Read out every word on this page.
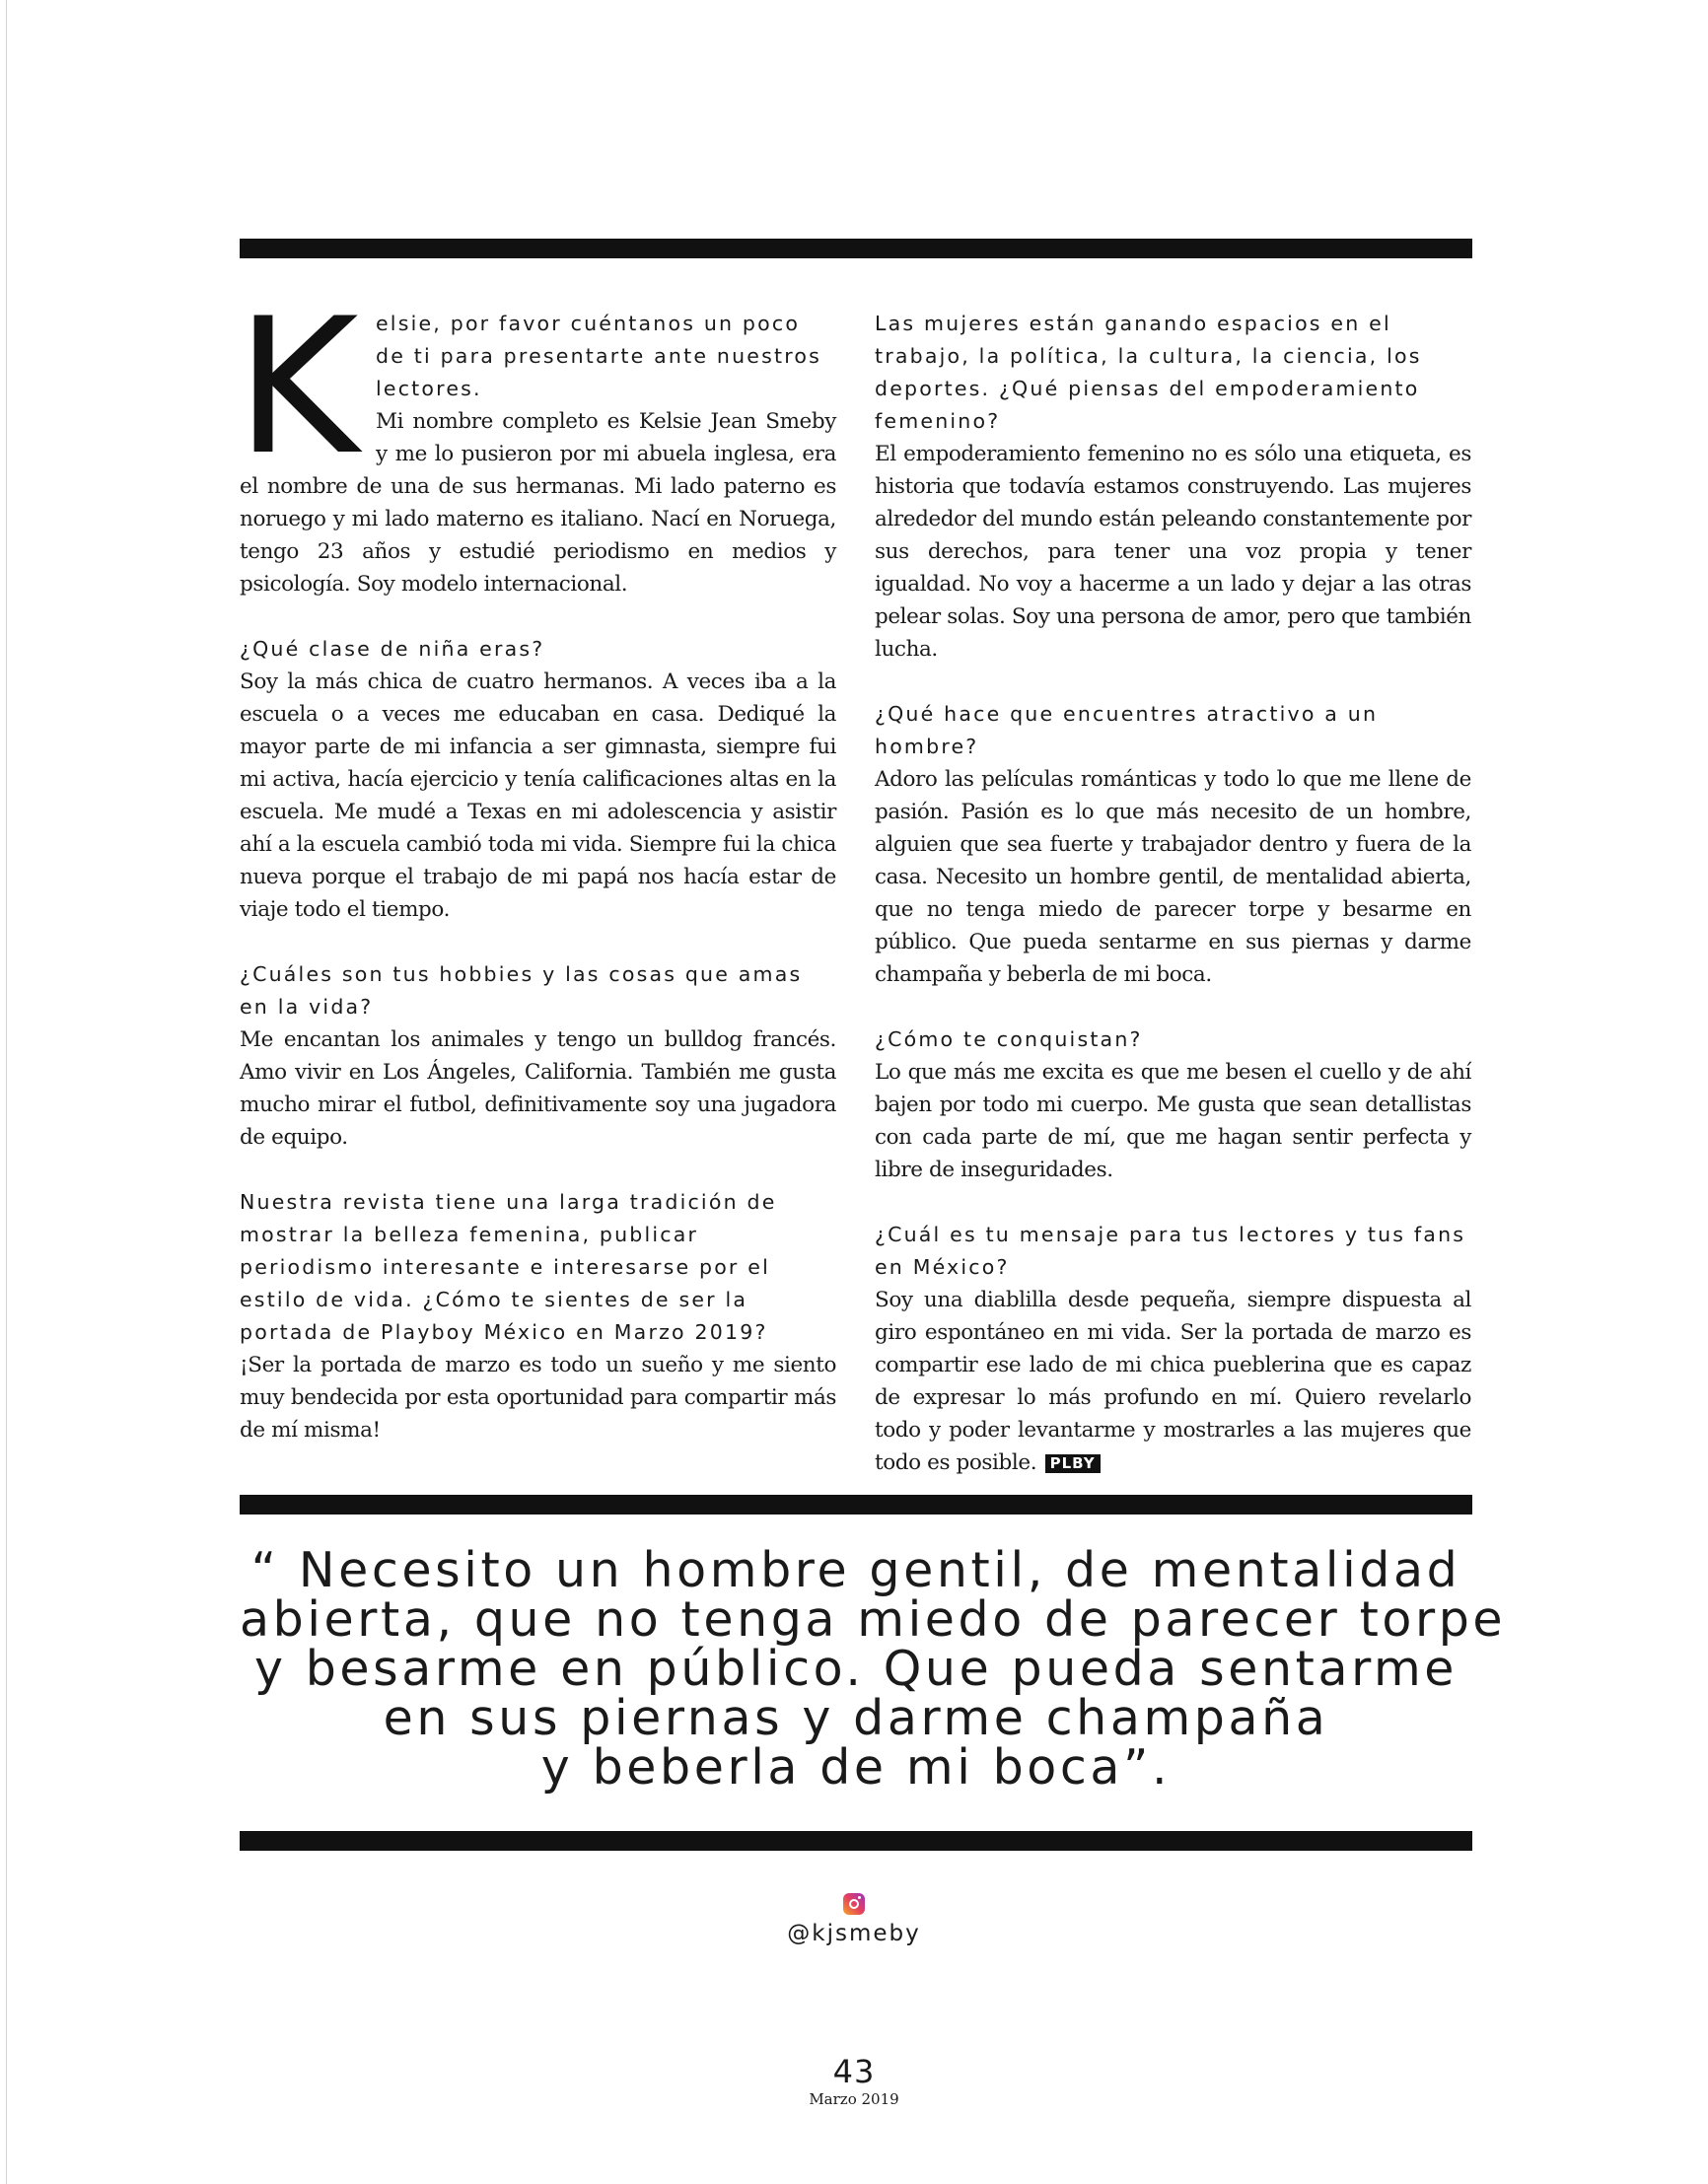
K elsie, por favor cuéntanos un poco de ti para presentarte ante nuestros lectores.

Mi nombre completo es Kelsie Jean Smeby y me lo pusieron por mi abuela inglesa, era el nombre de una de sus hermanas. Mi lado paterno es noruego y mi lado materno es italiano. Nací en Noruega, tengo 23 años y estudié periodismo en medios y psicología. Soy modelo internacional.

¿Qué clase de niña eras?

Soy la más chica de cuatro hermanos. A veces iba a la escuela o a veces me educaban en casa. Dediqué la mayor parte de mi infancia a ser gimnasta, siempre fui mi activa, hacía ejercicio y tenía calificaciones altas en la escuela. Me mudé a Texas en mi adolescencia y asistir ahí a la escuela cambió toda mi vida. Siempre fui la chica nueva porque el trabajo de mi papá nos hacía estar de viaje todo el tiempo.

¿Cuáles son tus hobbies y las cosas que amas en la vida?

Me encantan los animales y tengo un bulldog francés. Amo vivir en Los Ángeles, California. También me gusta mucho mirar el futbol, definitivamente soy una jugadora de equipo.

Nuestra revista tiene una larga tradición de mostrar la belleza femenina, publicar periodismo interesante e interesarse por el estilo de vida. ¿Cómo te sientes de ser la portada de Playboy México en Marzo 2019?

¡Ser la portada de marzo es todo un sueño y me siento muy bendecida por esta oportunidad para compartir más de mí misma!

Las mujeres están ganando espacios en el trabajo, la política, la cultura, la ciencia, los deportes. ¿Qué piensas del empoderamiento femenino?

El empoderamiento femenino no es sólo una etiqueta, es historia que todavía estamos construyendo. Las mujeres alrededor del mundo están peleando constantemente por sus derechos, para tener una voz propia y tener igualdad. No voy a hacerme a un lado y dejar a las otras pelear solas. Soy una persona de amor, pero que también lucha.

¿Qué hace que encuentres atractivo a un hombre?

Adoro las películas románticas y todo lo que me llene de pasión. Pasión es lo que más necesito de un hombre, alguien que sea fuerte y trabajador dentro y fuera de la casa. Necesito un hombre gentil, de mentalidad abierta, que no tenga miedo de parecer torpe y besarme en público. Que pueda sentarme en sus piernas y darme champaña y beberla de mi boca.

¿Cómo te conquistan?

Lo que más me excita es que me besen el cuello y de ahí bajen por todo mi cuerpo. Me gusta que sean detallistas con cada parte de mí, que me hagan sentir perfecta y libre de inseguridades.

¿Cuál es tu mensaje para tus lectores y tus fans en México?

Soy una diablilla desde pequeña, siempre dispuesta al giro espontáneo en mi vida. Ser la portada de marzo es compartir ese lado de mi chica pueblerina que es capaz de expresar lo más profundo en mí. Quiero revelarlo todo y poder levantarme y mostrarles a las mujeres que todo es posible. PLBY

“ Necesito un hombre gentil, de mentalidad
abierta, que no tenga miedo de parecer torpe
y besarme en público. Que pueda sentarme
en sus piernas y darme champaña
y beberla de mi boca”.
@kjsmeby
43
Marzo 2019
